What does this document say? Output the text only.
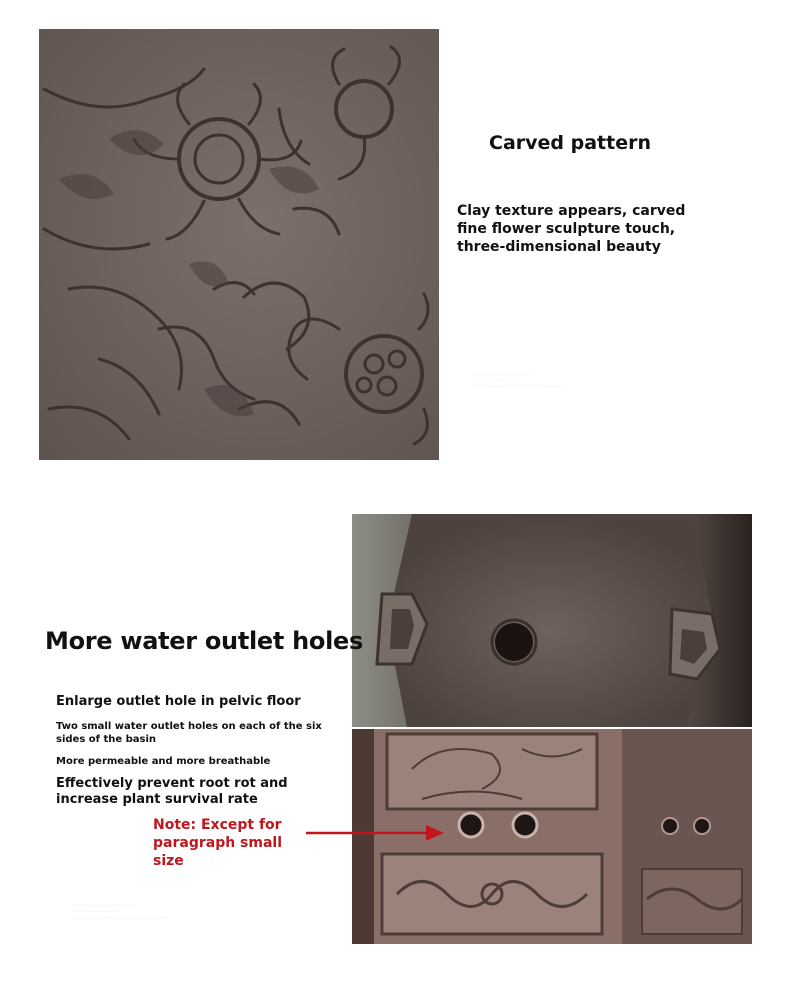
Carved pattern
Clay texture appears, carved fine flower sculpture touch, three-dimensional beauty
· · · · · · · · · · · · · · · · · · · · · · · · ·
· · · · · · · · · · · · · · · · · · ·
· · · · · · · · · · · · · · · · · · · · · · · · · · · · · · · · · · · · · ·
More water outlet holes
Enlarge outlet hole in pelvic floor
Two small water outlet holes on each of the six sides of the basin
More permeable and more breathable
Effectively prevent root rot and increase plant survival rate
Note: Except for paragraph small size
· · · · · · · · · · · · · · · · · · · · · · · · ·
· · · · · · · · · · · · · · · · · · ·
· · · · · · · · · · · · · · · · · · · · · · · · · · · · · · · · · · · · · ·
